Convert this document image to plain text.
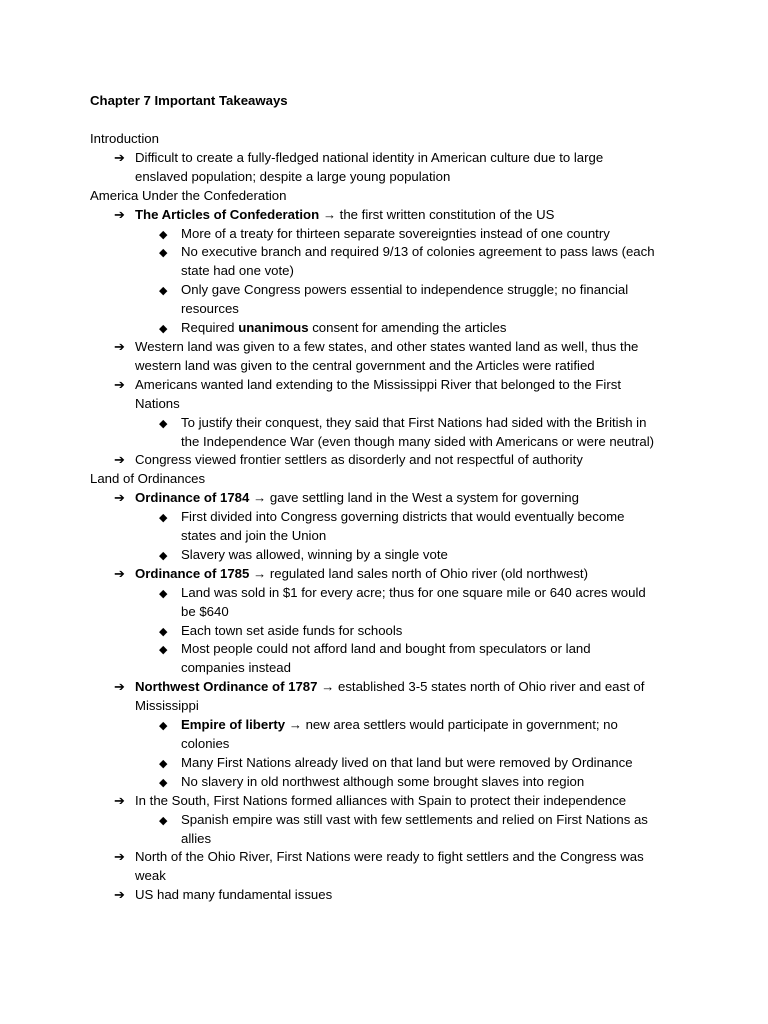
Chapter 7 Important Takeaways
Introduction
➔ Difficult to create a fully-fledged national identity in American culture due to large
enslaved population; despite a large young population
America Under the Confederation
➔ The Articles of Confederation → the first written constitution of the US
◆ More of a treaty for thirteen separate sovereignties instead of one country
◆ No executive branch and required 9/13 of colonies agreement to pass laws (each
state had one vote)
◆ Only gave Congress powers essential to independence struggle; no financial
resources
◆ Required unanimous consent for amending the articles
➔ Western land was given to a few states, and other states wanted land as well, thus the
western land was given to the central government and the Articles were ratified
➔ Americans wanted land extending to the Mississippi River that belonged to the First
Nations
◆ To justify their conquest, they said that First Nations had sided with the British in
the Independence War (even though many sided with Americans or were neutral)
➔ Congress viewed frontier settlers as disorderly and not respectful of authority
Land of Ordinances
➔ Ordinance of 1784 → gave settling land in the West a system for governing
◆ First divided into Congress governing districts that would eventually become
states and join the Union
◆ Slavery was allowed, winning by a single vote
➔ Ordinance of 1785 → regulated land sales north of Ohio river (old northwest)
◆ Land was sold in $1 for every acre; thus for one square mile or 640 acres would
be $640
◆ Each town set aside funds for schools
◆ Most people could not afford land and bought from speculators or land
companies instead
➔ Northwest Ordinance of 1787 → established 3-5 states north of Ohio river and east of
Mississippi
◆ Empire of liberty → new area settlers would participate in government; no
colonies
◆ Many First Nations already lived on that land but were removed by Ordinance
◆ No slavery in old northwest although some brought slaves into region
➔ In the South, First Nations formed alliances with Spain to protect their independence
◆ Spanish empire was still vast with few settlements and relied on First Nations as
allies
➔ North of the Ohio River, First Nations were ready to fight settlers and the Congress was
weak
➔ US had many fundamental issues
